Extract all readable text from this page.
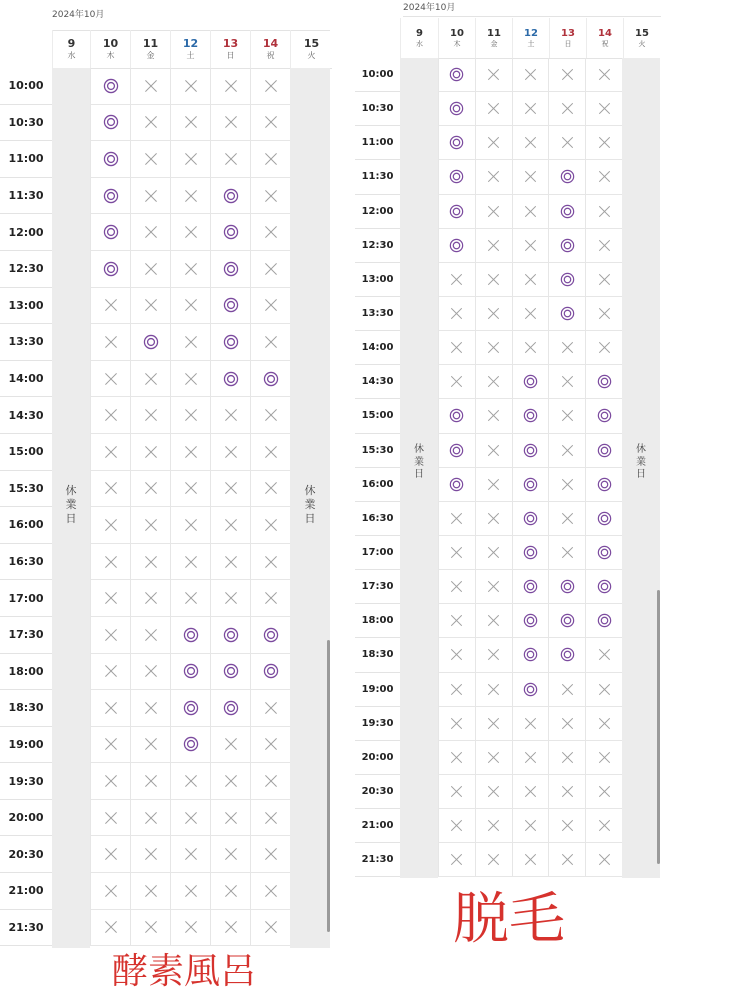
2024年10月
9
水
10
木
11
金
12
土
13
日
14
祝
15
火
10:00
10:30
11:00
11:30
12:00
12:30
13:00
13:30
14:00
14:30
15:00
15:30
16:00
16:30
17:00
17:30
18:00
18:30
19:00
19:30
20:00
20:30
21:00
21:30
休
業
日
休
業
日
酵素風呂
2024年10月
9
水
10
木
11
金
12
土
13
日
14
祝
15
火
10:00
10:30
11:00
11:30
12:00
12:30
13:00
13:30
14:00
14:30
15:00
15:30
16:00
16:30
17:00
17:30
18:00
18:30
19:00
19:30
20:00
20:30
21:00
21:30
休
業
日
休
業
日
脱毛
